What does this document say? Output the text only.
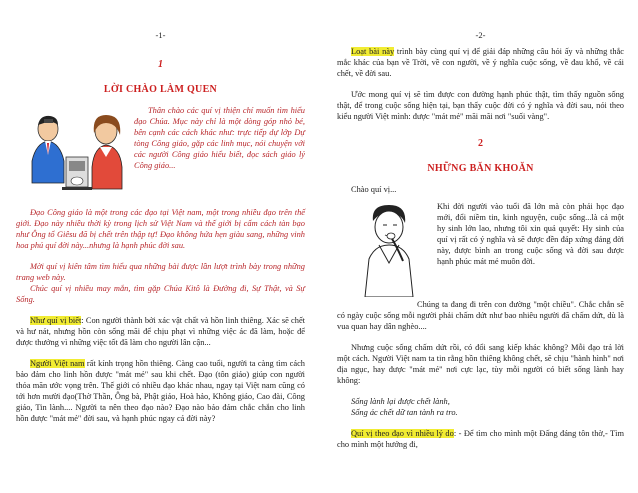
-1-
1
LỜI CHÀO LÀM QUEN

Thân chào các quí vị thiện chí muốn tìm hiểu đạo Chúa. Mục này chỉ là một dòng góp nhỏ bé, bên cạnh các cách khác như: trực tiếp dự lớp Dự tòng Công giáo, gặp các linh mục, nói chuyện với các người Công giáo hiểu biết, đọc sách giáo lý Công giáo...

Đạo Công giáo là một trong các đạo tại Việt nam, một trong nhiều đạo trên thế giới. Đạo này nhiều thời kỳ trong lịch sử Việt Nam và thế giới bị cấm cách tàn bạo như Ông tổ Giêsu đã bị chết trên thập tự! Đạo không hứa hẹn giàu sang, những vinh hoa phú quí đời này...nhưng là hạnh phúc đời sau.

Mời quí vị kiên tâm tìm hiểu qua những bài được lần lượt trình bày trong những trang web này.

Chúc quí vị nhiều may mắn, tìm gặp Chúa Kitô là Đường đi, Sự Thật, và Sự Sống.

Như quí vị biết: Con người thành bởi xác vật chất và hồn linh thiêng. Xác sẽ chết và hư nát, nhưng hồn còn sống mãi để chịu phạt vì những việc ác đã làm, hoặc để được thưởng vì những việc tốt đã làm cho người lân cận...

Người Việt nam rất kính trọng hồn thiêng. Càng cao tuổi, người ta càng tìm cách bảo đảm cho linh hồn được "mát mẻ" sau khi chết. Đạo (tôn giáo) giúp con người thỏa mãn ước vọng trên. Thế giới có nhiều đạo khác nhau, ngay tại Việt nam cũng có tới hơn mười đạo(Thờ Thần, Ông bà, Phật giáo, Hoà hảo, Không giáo, Cao đài, Công giáo, Tin lành.... Người ta nên theo đạo nào? Đạo nào bảo đảm chắc chắn cho linh hồn được "mát mẻ" đời sau, và hạnh phúc ngay cả đời này?

-2-

Loạt bài này trình bày cùng quí vị để giải đáp những câu hỏi ấy và những thắc mắc khác của bạn về Trời, về con người, về ý nghĩa cuộc sống, về đau khổ, về cái chết, về đời sau.

Ước mong quí vị sẽ tìm được con đường hạnh phúc thật, tìm thấy nguồn sống thật, để trong cuộc sống hiện tại, bạn thấy cuộc đời có ý nghĩa và đời sau, nói theo kiểu người Việt mình: được "mát mẻ" mãi mãi nơi "suối vàng".

2
NHỮNG BĂN KHOĂN

Chào quí vị...

Khi đời người vào tuổi đã lớn mà còn phải học đạo mới, đổi niềm tin, kinh nguyện, cuộc sống...là cả một hy sinh lớn lao, nhưng tôi xin quả quyết: Hy sinh của quí vị rất có ý nghĩa và sẽ được đền đáp xứng đáng đời này, được bình an trong cuộc sống và đời sau được hạnh phúc mát mẻ muôn đời.

Chúng ta đang đi trên con đường "một chiều". Chắc chắn sẽ có ngày cuộc sống mỗi người phải chấm dứt như bao nhiêu người đã chấm dứt, dù là vua quan hay dân nghèo....

Nhưng cuộc sống chấm dứt rồi, có đổi sang kiếp khác không? Mỗi đạo trả lời một cách. Người Việt nam ta tin rằng hồn thiêng không chết, sẽ chịu "hành hình" nơi địa ngục, hay được "mát mẻ" nơi cực lạc, tùy mỗi người có biết sống lành hay không:

Sống lành lại được chết lành,

Sống ác chết dữ tan tành ra tro.

Quí vị theo đạo vì nhiều lý do: - Để tìm cho mình một Đấng đáng tôn thờ,- Tìm cho mình một hướng đi,
